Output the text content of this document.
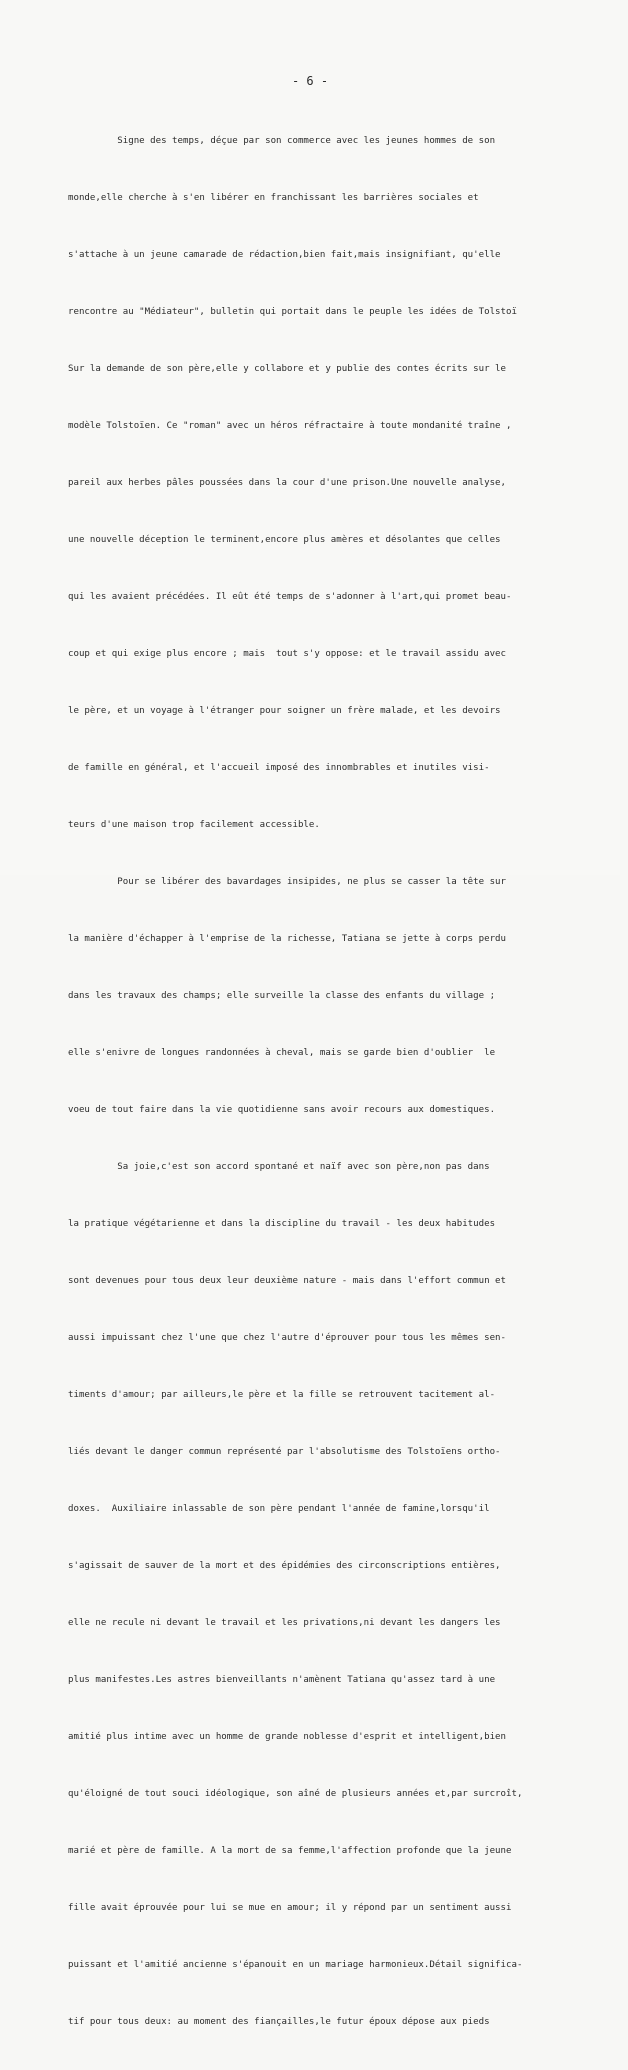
- 6 -

Signe des temps, déçue par son commerce avec les jeunes hommes de son

monde,elle cherche à s'en libérer en franchissant les barrières sociales et

s'attache à un jeune camarade de rédaction,bien fait,mais insignifiant, qu'elle

rencontre au "Médiateur", bulletin qui portait dans le peuple les idées de Tolstoï

Sur la demande de son père,elle y collabore et y publie des contes écrits sur le

modèle Tolstoïen. Ce "roman" avec un héros réfractaire à toute mondanité traîne ,

pareil aux herbes pâles poussées dans la cour d'une prison.Une nouvelle analyse,

une nouvelle déception le terminent,encore plus amères et désolantes que celles

qui les avaient précédées. Il eût été temps de s'adonner à l'art,qui promet beau-

coup et qui exige plus encore ; mais  tout s'y oppose: et le travail assidu avec

le père, et un voyage à l'étranger pour soigner un frère malade, et les devoirs

de famille en général, et l'accueil imposé des innombrables et inutiles visi-

teurs d'une maison trop facilement accessible.

Pour se libérer des bavardages insipides, ne plus se casser la tête sur

la manière d'échapper à l'emprise de la richesse, Tatiana se jette à corps perdu

dans les travaux des champs; elle surveille la classe des enfants du village ;

elle s'enivre de longues randonnées à cheval, mais se garde bien d'oublier  le

voeu de tout faire dans la vie quotidienne sans avoir recours aux domestiques.

Sa joie,c'est son accord spontané et naïf avec son père,non pas dans

la pratique végétarienne et dans la discipline du travail - les deux habitudes

sont devenues pour tous deux leur deuxième nature - mais dans l'effort commun et

aussi impuissant chez l'une que chez l'autre d'éprouver pour tous les mêmes sen-

timents d'amour; par ailleurs,le père et la fille se retrouvent tacitement al-

liés devant le danger commun représenté par l'absolutisme des Tolstoïens ortho-

doxes.  Auxiliaire inlassable de son père pendant l'année de famine,lorsqu'il

s'agissait de sauver de la mort et des épidémies des circonscriptions entières,

elle ne recule ni devant le travail et les privations,ni devant les dangers les

plus manifestes.Les astres bienveillants n'amènent Tatiana qu'assez tard à une

amitié plus intime avec un homme de grande noblesse d'esprit et intelligent,bien

qu'éloigné de tout souci idéologique, son aîné de plusieurs années et,par surcroît,

marié et père de famille. A la mort de sa femme,l'affection profonde que la jeune

fille avait éprouvée pour lui se mue en amour; il y répond par un sentiment aussi

puissant et l'amitié ancienne s'épanouit en un mariage harmonieux.Détail significa-

tif pour tous deux: au moment des fiançailles,le futur époux dépose aux pieds
